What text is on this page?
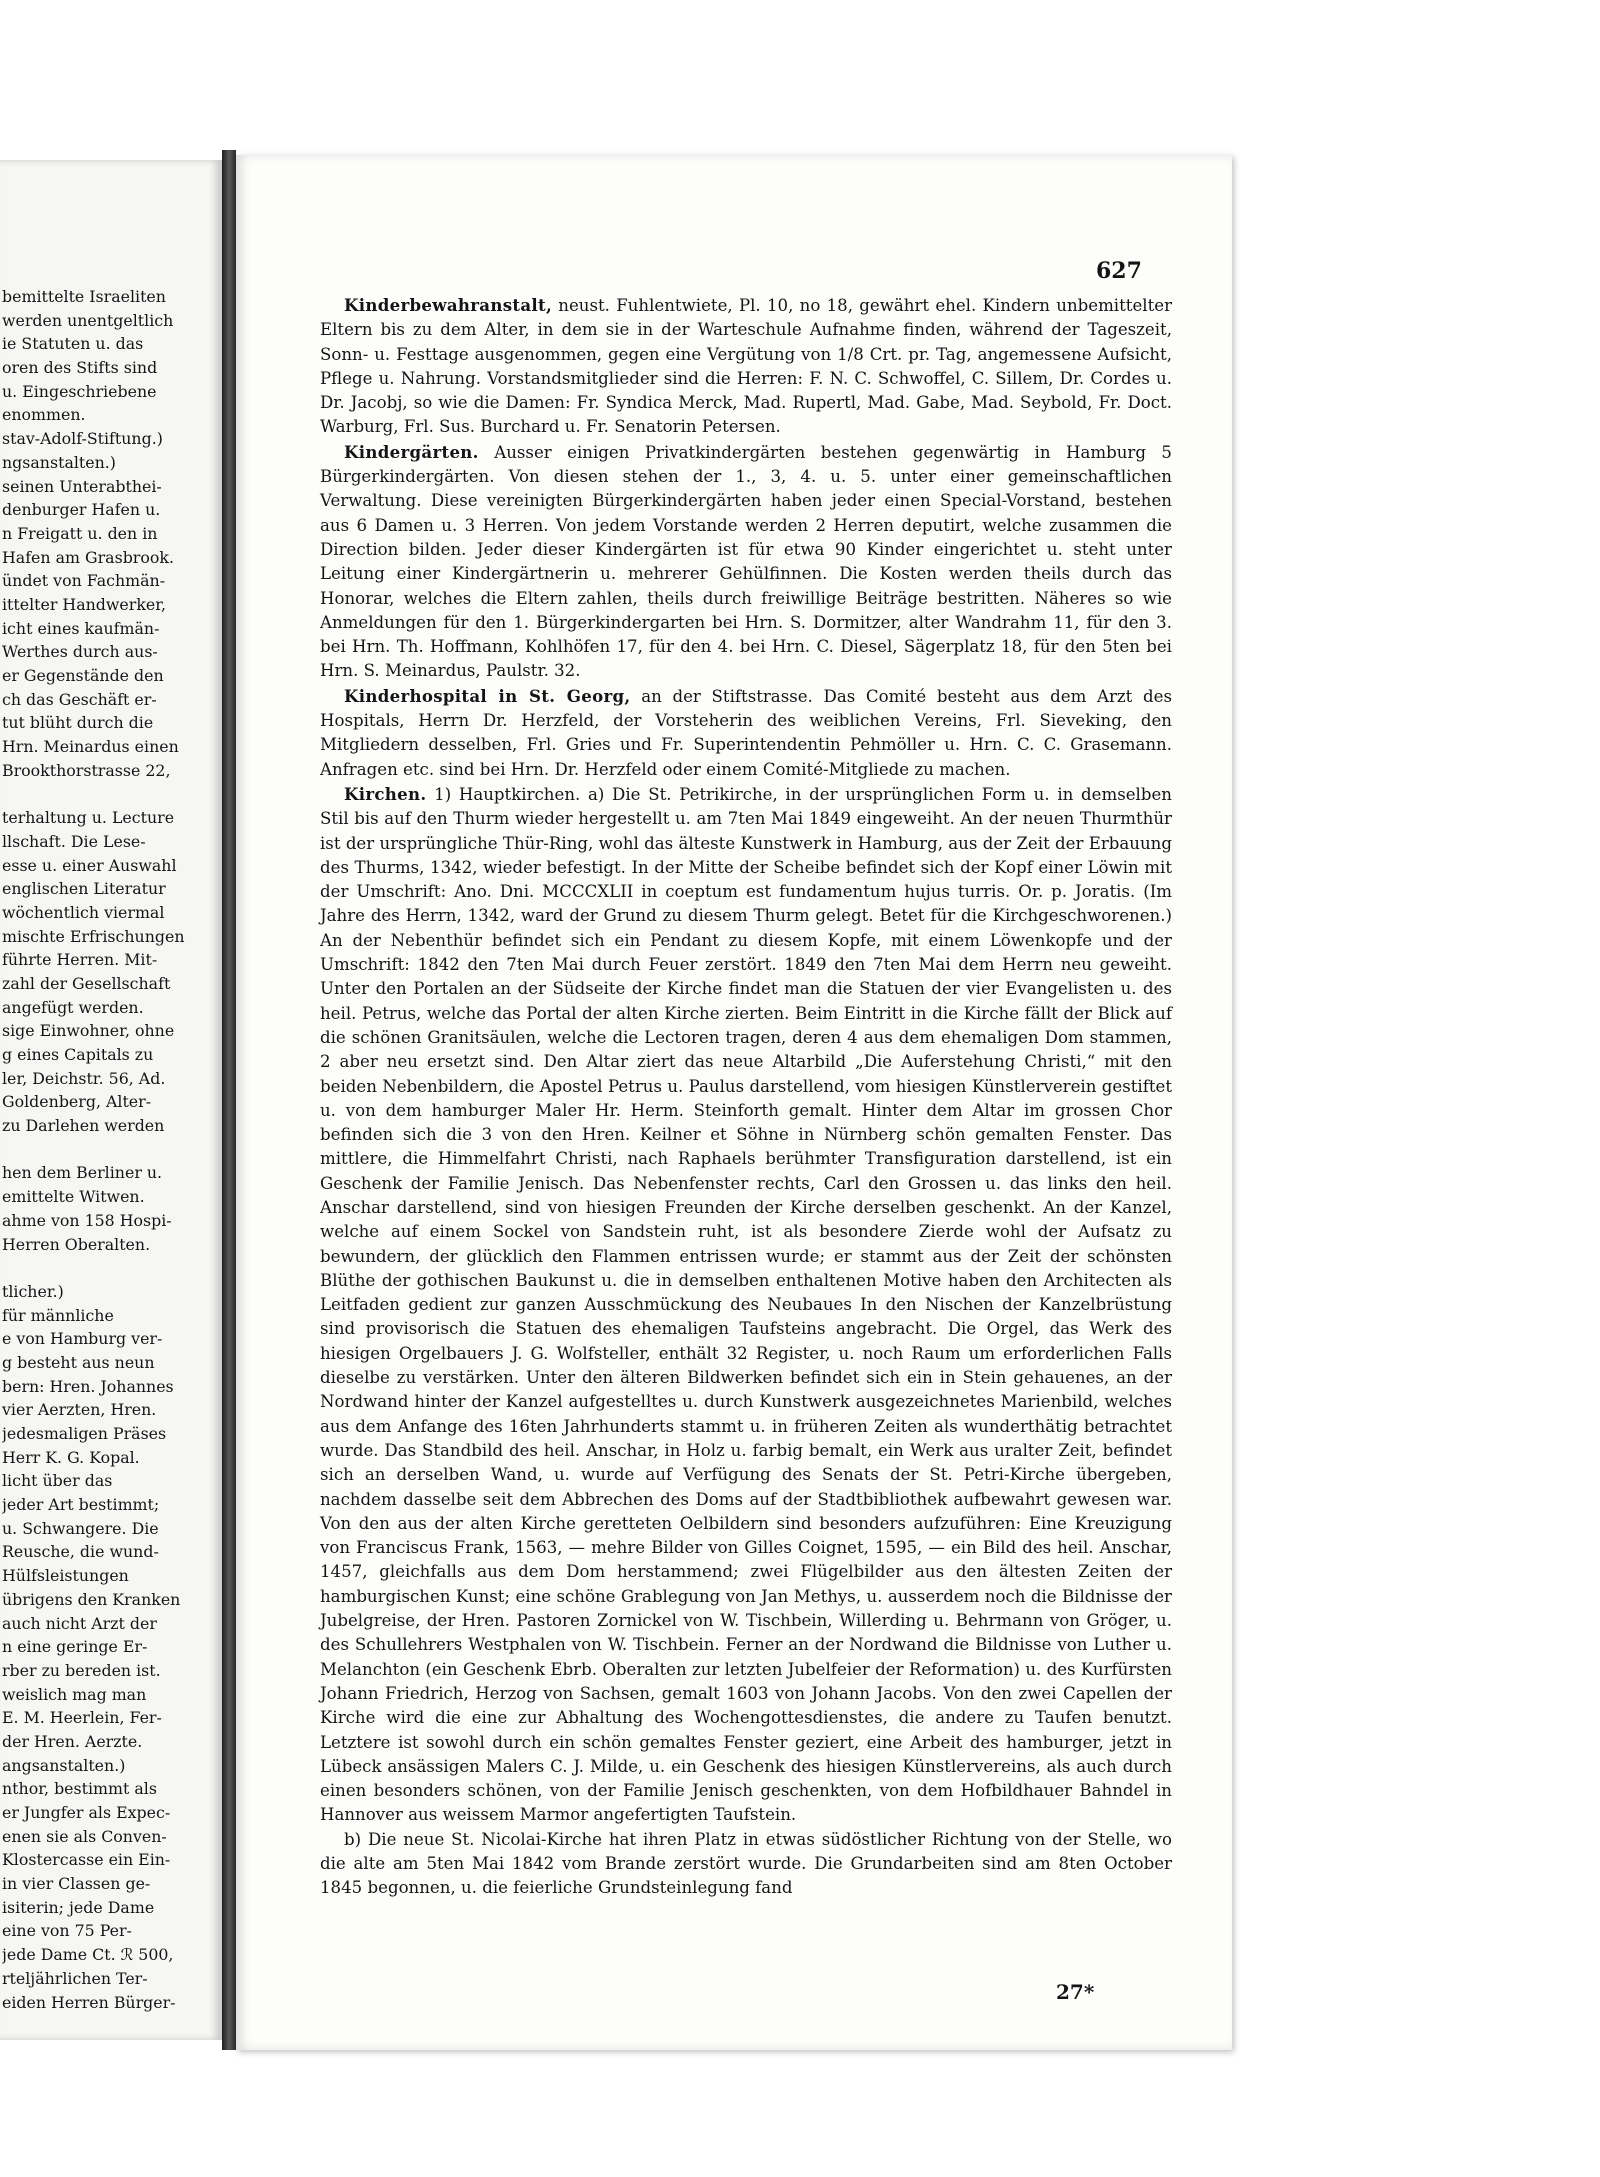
bemittelte Israeliten
werden unentgeltlich
ie Statuten u. das
oren des Stifts sind
u. Eingeschriebene
enommen.
stav-Adolf-Stiftung.)
ngsanstalten.)
seinen Unterabthei-
denburger Hafen u.
n Freigatt u. den in
Hafen am Grasbrook.
ündet von Fachmän-
ittelter Handwerker,
icht eines kaufmän-
Werthes durch aus-
er Gegenstände den
ch das Geschäft er-
tut blüht durch die
Hrn. Meinardus einen
Brookthorstrasse 22,
terhaltung u. Lecture
llschaft. Die Lese-
esse u. einer Auswahl
englischen Literatur
wöchentlich viermal
mischte Erfrischungen
führte Herren. Mit-
zahl der Gesellschaft
angefügt werden.
sige Einwohner, ohne
g eines Capitals zu
ler, Deichstr. 56, Ad.
Goldenberg, Alter-
zu Darlehen werden
hen dem Berliner u.
emittelte Witwen.
ahme von 158 Hospi-
Herren Oberalten.
tlicher.)
für männliche
e von Hamburg ver-
g besteht aus neun
bern: Hren. Johannes
vier Aerzten, Hren.
jedesmaligen Präses
Herr K. G. Kopal.
licht über das
jeder Art bestimmt;
u. Schwangere. Die
Reusche, die wund-
Hülfsleistungen
übrigens den Kranken
auch nicht Arzt der
n eine geringe Er-
rber zu bereden ist.
weislich mag man
E. M. Heerlein, Fer-
der Hren. Aerzte.
angsanstalten.)
nthor, bestimmt als
er Jungfer als Expec-
enen sie als Conven-
Klostercasse ein Ein-
in vier Classen ge-
isiterin; jede Dame
eine von 75 Per-
jede Dame Ct. ℛ 500,
rteljährlichen Ter-
eiden Herren Bürger-
627

Kinderbewahranstalt, neust. Fuhlentwiete, Pl. 10, no 18, gewährt ehel. Kindern unbemittelter Eltern bis zu dem Alter, in dem sie in der Warteschule Aufnahme finden, während der Tageszeit, Sonn- u. Festtage ausgenommen, gegen eine Vergütung von 1/8 Crt. pr. Tag, angemessene Aufsicht, Pflege u. Nahrung. Vorstandsmitglieder sind die Herren: F. N. C. Schwoffel, C. Sillem, Dr. Cordes u. Dr. Jacobj, so wie die Damen: Fr. Syndica Merck, Mad. Rupertl, Mad. Gabe, Mad. Seybold, Fr. Doct. Warburg, Frl. Sus. Burchard u. Fr. Senatorin Petersen.

Kindergärten. Ausser einigen Privatkindergärten bestehen gegenwärtig in Hamburg 5 Bürgerkindergärten. Von diesen stehen der 1., 3, 4. u. 5. unter einer gemeinschaftlichen Verwaltung. Diese vereinigten Bürgerkindergärten haben jeder einen Special-Vorstand, bestehen aus 6 Damen u. 3 Herren. Von jedem Vorstande werden 2 Herren deputirt, welche zusammen die Direction bilden. Jeder dieser Kindergärten ist für etwa 90 Kinder eingerichtet u. steht unter Leitung einer Kindergärtnerin u. mehrerer Gehülfinnen. Die Kosten werden theils durch das Honorar, welches die Eltern zahlen, theils durch freiwillige Beiträge bestritten. Näheres so wie Anmeldungen für den 1. Bürgerkindergarten bei Hrn. S. Dormitzer, alter Wandrahm 11, für den 3. bei Hrn. Th. Hoffmann, Kohlhöfen 17, für den 4. bei Hrn. C. Diesel, Sägerplatz 18, für den 5ten bei Hrn. S. Meinardus, Paulstr. 32.

Kinderhospital in St. Georg, an der Stiftstrasse. Das Comité besteht aus dem Arzt des Hospitals, Herrn Dr. Herzfeld, der Vorsteherin des weiblichen Vereins, Frl. Sieveking, den Mitgliedern desselben, Frl. Gries und Fr. Superintendentin Pehmöller u. Hrn. C. C. Grasemann. Anfragen etc. sind bei Hrn. Dr. Herzfeld oder einem Comité-Mitgliede zu machen.

Kirchen. 1) Hauptkirchen. a) Die St. Petrikirche, in der ursprünglichen Form u. in demselben Stil bis auf den Thurm wieder hergestellt u. am 7ten Mai 1849 eingeweiht. An der neuen Thurmthür ist der ursprüngliche Thür-Ring, wohl das älteste Kunstwerk in Hamburg, aus der Zeit der Erbauung des Thurms, 1342, wieder befestigt. In der Mitte der Scheibe befindet sich der Kopf einer Löwin mit der Umschrift: Ano. Dni. MCCCXLII in coeptum est fundamentum hujus turris. Or. p. Joratis. (Im Jahre des Herrn, 1342, ward der Grund zu diesem Thurm gelegt. Betet für die Kirchgeschworenen.) An der Nebenthür befindet sich ein Pendant zu diesem Kopfe, mit einem Löwenkopfe und der Umschrift: 1842 den 7ten Mai durch Feuer zerstört. 1849 den 7ten Mai dem Herrn neu geweiht. Unter den Portalen an der Südseite der Kirche findet man die Statuen der vier Evangelisten u. des heil. Petrus, welche das Portal der alten Kirche zierten. Beim Eintritt in die Kirche fällt der Blick auf die schönen Granitsäulen, welche die Lectoren tragen, deren 4 aus dem ehemaligen Dom stammen, 2 aber neu ersetzt sind. Den Altar ziert das neue Altarbild „Die Auferstehung Christi,“ mit den beiden Nebenbildern, die Apostel Petrus u. Paulus darstellend, vom hiesigen Künstlerverein gestiftet u. von dem hamburger Maler Hr. Herm. Steinforth gemalt. Hinter dem Altar im grossen Chor befinden sich die 3 von den Hren. Keilner et Söhne in Nürnberg schön gemalten Fenster. Das mittlere, die Himmelfahrt Christi, nach Raphaels berühmter Transfiguration darstellend, ist ein Geschenk der Familie Jenisch. Das Nebenfenster rechts, Carl den Grossen u. das links den heil. Anschar darstellend, sind von hiesigen Freunden der Kirche derselben geschenkt. An der Kanzel, welche auf einem Sockel von Sandstein ruht, ist als besondere Zierde wohl der Aufsatz zu bewundern, der glücklich den Flammen entrissen wurde; er stammt aus der Zeit der schönsten Blüthe der gothischen Baukunst u. die in demselben enthaltenen Motive haben den Architecten als Leitfaden gedient zur ganzen Ausschmückung des Neubaues In den Nischen der Kanzelbrüstung sind provisorisch die Statuen des ehemaligen Taufsteins angebracht. Die Orgel, das Werk des hiesigen Orgelbauers J. G. Wolfsteller, enthält 32 Register, u. noch Raum um erforderlichen Falls dieselbe zu verstärken. Unter den älteren Bildwerken befindet sich ein in Stein gehauenes, an der Nordwand hinter der Kanzel aufgestelltes u. durch Kunstwerk ausgezeichnetes Marienbild, welches aus dem Anfange des 16ten Jahrhunderts stammt u. in früheren Zeiten als wunderthätig betrachtet wurde. Das Standbild des heil. Anschar, in Holz u. farbig bemalt, ein Werk aus uralter Zeit, befindet sich an derselben Wand, u. wurde auf Verfügung des Senats der St. Petri-Kirche übergeben, nachdem dasselbe seit dem Abbrechen des Doms auf der Stadtbibliothek aufbewahrt gewesen war. Von den aus der alten Kirche geretteten Oelbildern sind besonders aufzuführen: Eine Kreuzigung von Franciscus Frank, 1563, — mehre Bilder von Gilles Coignet, 1595, — ein Bild des heil. Anschar, 1457, gleichfalls aus dem Dom herstammend; zwei Flügelbilder aus den ältesten Zeiten der hamburgischen Kunst; eine schöne Grablegung von Jan Methys, u. ausserdem noch die Bildnisse der Jubelgreise, der Hren. Pastoren Zornickel von W. Tischbein, Willerding u. Behrmann von Gröger, u. des Schullehrers Westphalen von W. Tischbein. Ferner an der Nordwand die Bildnisse von Luther u. Melanchton (ein Geschenk Ebrb. Oberalten zur letzten Jubelfeier der Reformation) u. des Kurfürsten Johann Friedrich, Herzog von Sachsen, gemalt 1603 von Johann Jacobs. Von den zwei Capellen der Kirche wird die eine zur Abhaltung des Wochengottesdienstes, die andere zu Taufen benutzt. Letztere ist sowohl durch ein schön gemaltes Fenster geziert, eine Arbeit des hamburger, jetzt in Lübeck ansässigen Malers C. J. Milde, u. ein Geschenk des hiesigen Künstlervereins, als auch durch einen besonders schönen, von der Familie Jenisch geschenkten, von dem Hofbildhauer Bahndel in Hannover aus weissem Marmor angefertigten Taufstein.

b) Die neue St. Nicolai-Kirche hat ihren Platz in etwas südöstlicher Richtung von der Stelle, wo die alte am 5ten Mai 1842 vom Brande zerstört wurde. Die Grundarbeiten sind am 8ten October 1845 begonnen, u. die feierliche Grundsteinlegung fand

27*
